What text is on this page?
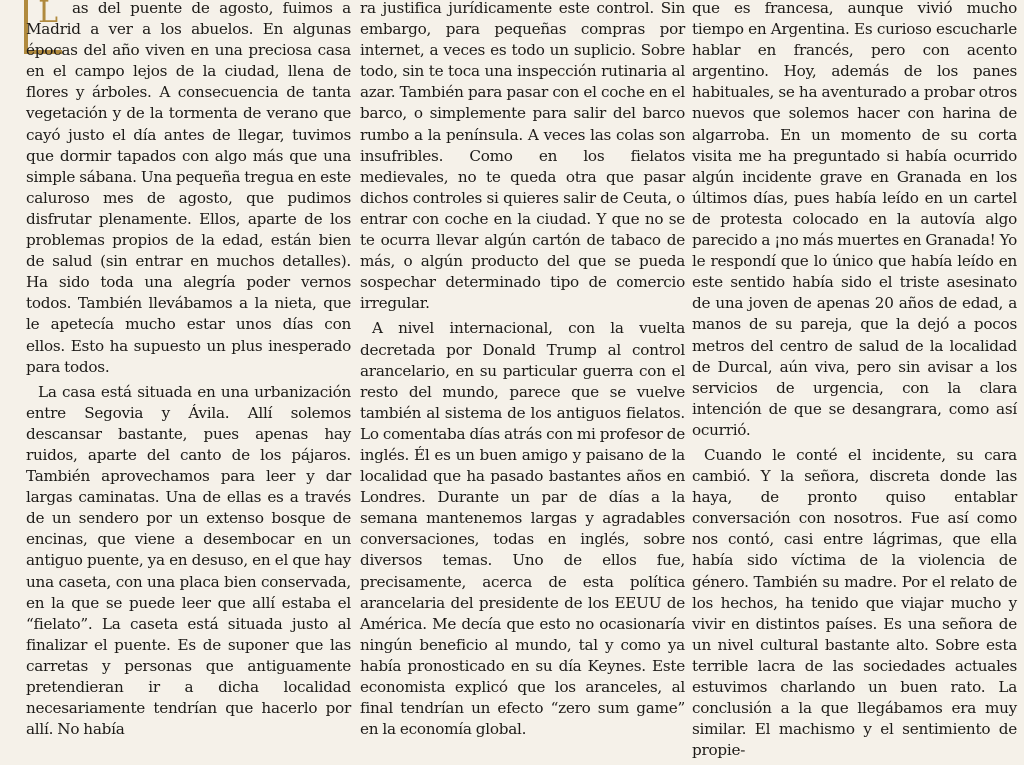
L as del puente de agosto, fuimos a Madrid a ver a los abuelos. En algunas épocas del año viven en una preciosa casa en el campo lejos de la ciudad, llena de flores y árboles. A consecuencia de tanta vegetación y de la tormenta de verano que cayó justo el día antes de llegar, tuvimos que dormir tapados con algo más que una simple sábana. Una pequeña tregua en este caluroso mes de agosto, que pudimos disfrutar plenamente. Ellos, aparte de los problemas propios de la edad, están bien de salud (sin entrar en muchos detalles). Ha sido toda una alegría poder vernos todos. También llevábamos a la nieta, que le apetecía mucho estar unos días con ellos. Esto ha supuesto un plus inesperado para todos.

La casa está situada en una urbanización entre Segovia y Ávila. Allí solemos descansar bastante, pues apenas hay ruidos, aparte del canto de los pájaros. También aprovechamos para leer y dar largas caminatas. Una de ellas es a través de un sendero por un extenso bosque de encinas, que viene a desembocar en un antiguo puente, ya en desuso, en el que hay una caseta, con una placa bien conservada, en la que se puede leer que allí estaba el “fielato”. La caseta está situada justo al finalizar el puente. Es de suponer que las carretas y personas que antiguamente pretendieran ir a dicha localidad necesariamente tendrían que hacerlo por allí. No había

ra justifica jurídicamente este control. Sin embargo, para pequeñas compras por internet, a veces es todo un suplicio. Sobre todo, sin te toca una inspección rutinaria al azar. También para pasar con el coche en el barco, o simplemente para salir del barco rumbo a la península. A veces las colas son insufribles. Como en los fielatos medievales, no te queda otra que pasar dichos controles si quieres salir de Ceuta, o entrar con coche en la ciudad. Y que no se te ocurra llevar algún cartón de tabaco de más, o algún producto del que se pueda sospechar determinado tipo de comercio irregular.

A nivel internacional, con la vuelta decretada por Donald Trump al control arancelario, en su particular guerra con el resto del mundo, parece que se vuelve también al sistema de los antiguos fielatos. Lo comentaba días atrás con mi profesor de inglés. Él es un buen amigo y paisano de la localidad que ha pasado bastantes años en Londres. Durante un par de días a la semana mantenemos largas y agradables conversaciones, todas en inglés, sobre diversos temas. Uno de ellos fue, precisamente, acerca de esta política arancelaria del presidente de los EEUU de América. Me decía que esto no ocasionaría ningún beneficio al mundo, tal y como ya había pronosticado en su día Keynes. Este economista explicó que los aranceles, al final tendrían un efecto “zero sum game” en la economía global.

que es francesa, aunque vivió mucho tiempo en Argentina. Es curioso escucharle hablar en francés, pero con acento argentino. Hoy, además de los panes habituales, se ha aventurado a probar otros nuevos que solemos hacer con harina de algarroba. En un momento de su corta visita me ha preguntado si había ocurrido algún incidente grave en Granada en los últimos días, pues había leído en un cartel de protesta colocado en la autovía algo parecido a ¡no más muertes en Granada! Yo le respondí que lo único que había leído en este sentido había sido el triste asesinato de una joven de apenas 20 años de edad, a manos de su pareja, que la dejó a pocos metros del centro de salud de la localidad de Durcal, aún viva, pero sin avisar a los servicios de urgencia, con la clara intención de que se desangrara, como así ocurrió.

Cuando le conté el incidente, su cara cambió. Y la señora, discreta donde las haya, de pronto quiso entablar conversación con nosotros. Fue así como nos contó, casi entre lágrimas, que ella había sido víctima de la violencia de género. También su madre. Por el relato de los hechos, ha tenido que viajar mucho y vivir en distintos países. Es una señora de un nivel cultural bastante alto. Sobre esta terrible lacra de las sociedades actuales estuvimos charlando un buen rato. La conclusión a la que llegábamos era muy similar. El machismo y el sentimiento de propie-
